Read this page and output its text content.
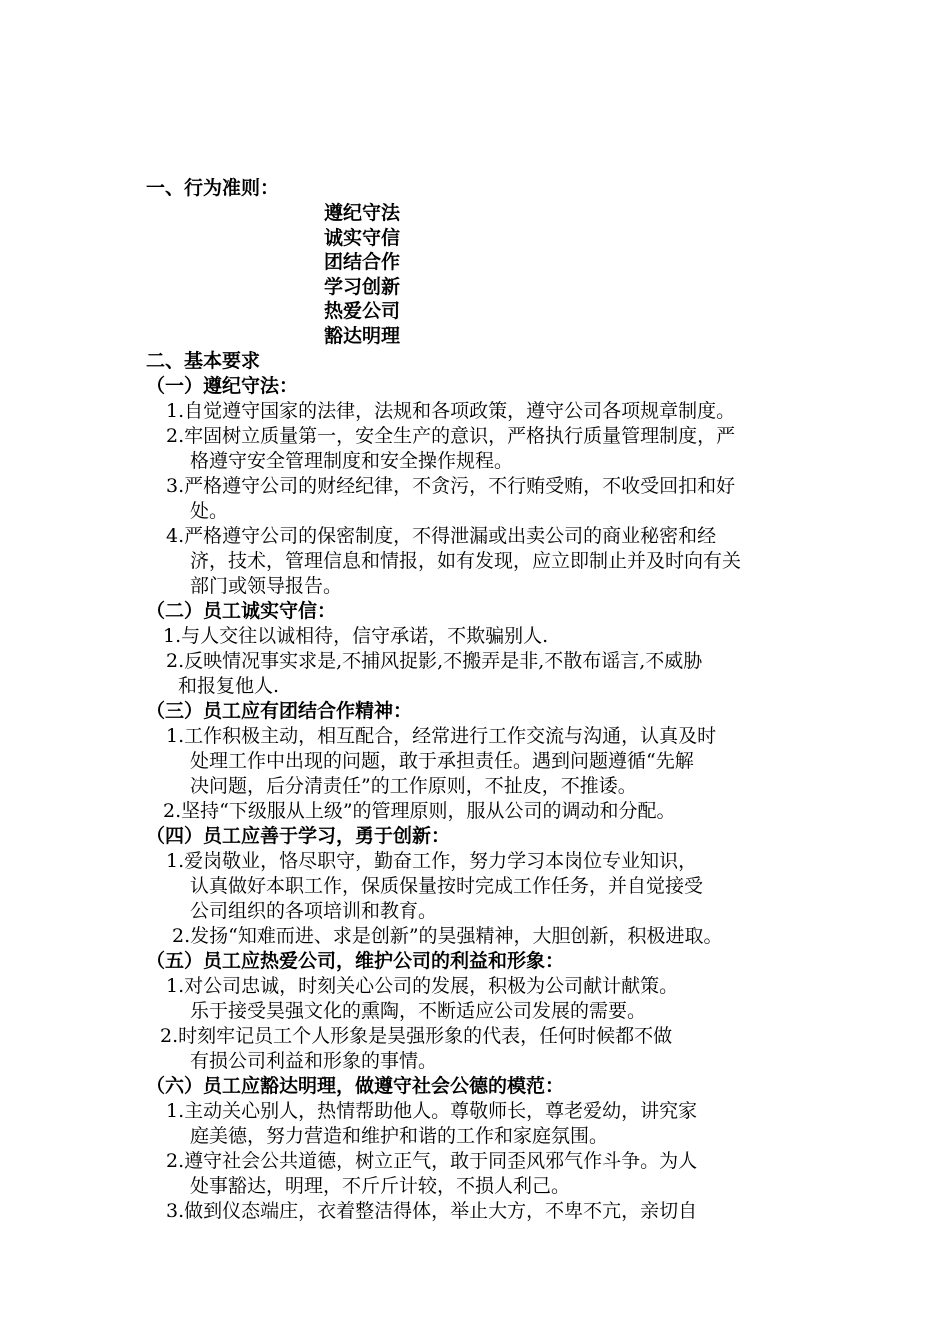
一、行为准则：
遵纪守法
诚实守信
团结合作
学习创新
热爱公司
豁达明理
二、基本要求
（一）遵纪守法：
1.自觉遵守国家的法律，法规和各项政策，遵守公司各项规章制度。
2.牢固树立质量第一，安全生产的意识，严格执行质量管理制度，严
格遵守安全管理制度和安全操作规程。
3.严格遵守公司的财经纪律，不贪污，不行贿受贿，不收受回扣和好
处。
4.严格遵守公司的保密制度，不得泄漏或出卖公司的商业秘密和经
济，技术，管理信息和情报，如有发现，应立即制止并及时向有关
部门或领导报告。
（二）员工诚实守信：
1.与人交往以诚相待，信守承诺，不欺骗别人.
2.反映情况事实求是,不捕风捉影,不搬弄是非,不散布谣言,不威胁
和报复他人.
（三）员工应有团结合作精神：
1.工作积极主动，相互配合，经常进行工作交流与沟通，认真及时
处理工作中出现的问题，敢于承担责任。遇到问题遵循“先解
决问题，后分清责任”的工作原则，不扯皮，不推诿。
2.坚持“下级服从上级”的管理原则，服从公司的调动和分配。
（四）员工应善于学习，勇于创新：
1.爱岗敬业，恪尽职守，勤奋工作，努力学习本岗位专业知识，
认真做好本职工作，保质保量按时完成工作任务，并自觉接受
公司组织的各项培训和教育。
2.发扬“知难而进、求是创新”的昊强精神，大胆创新，积极进取。
（五）员工应热爱公司，维护公司的利益和形象：
1.对公司忠诚，时刻关心公司的发展，积极为公司献计献策。
乐于接受昊强文化的熏陶，不断适应公司发展的需要。
2.时刻牢记员工个人形象是昊强形象的代表，任何时候都不做
有损公司利益和形象的事情。
（六）员工应豁达明理，做遵守社会公德的模范：
1.主动关心别人，热情帮助他人。尊敬师长，尊老爱幼，讲究家
庭美德，努力营造和维护和谐的工作和家庭氛围。
2.遵守社会公共道德，树立正气，敢于同歪风邪气作斗争。为人
处事豁达，明理，不斤斤计较，不损人利己。
3.做到仪态端庄，衣着整洁得体，举止大方，不卑不亢，亲切自
